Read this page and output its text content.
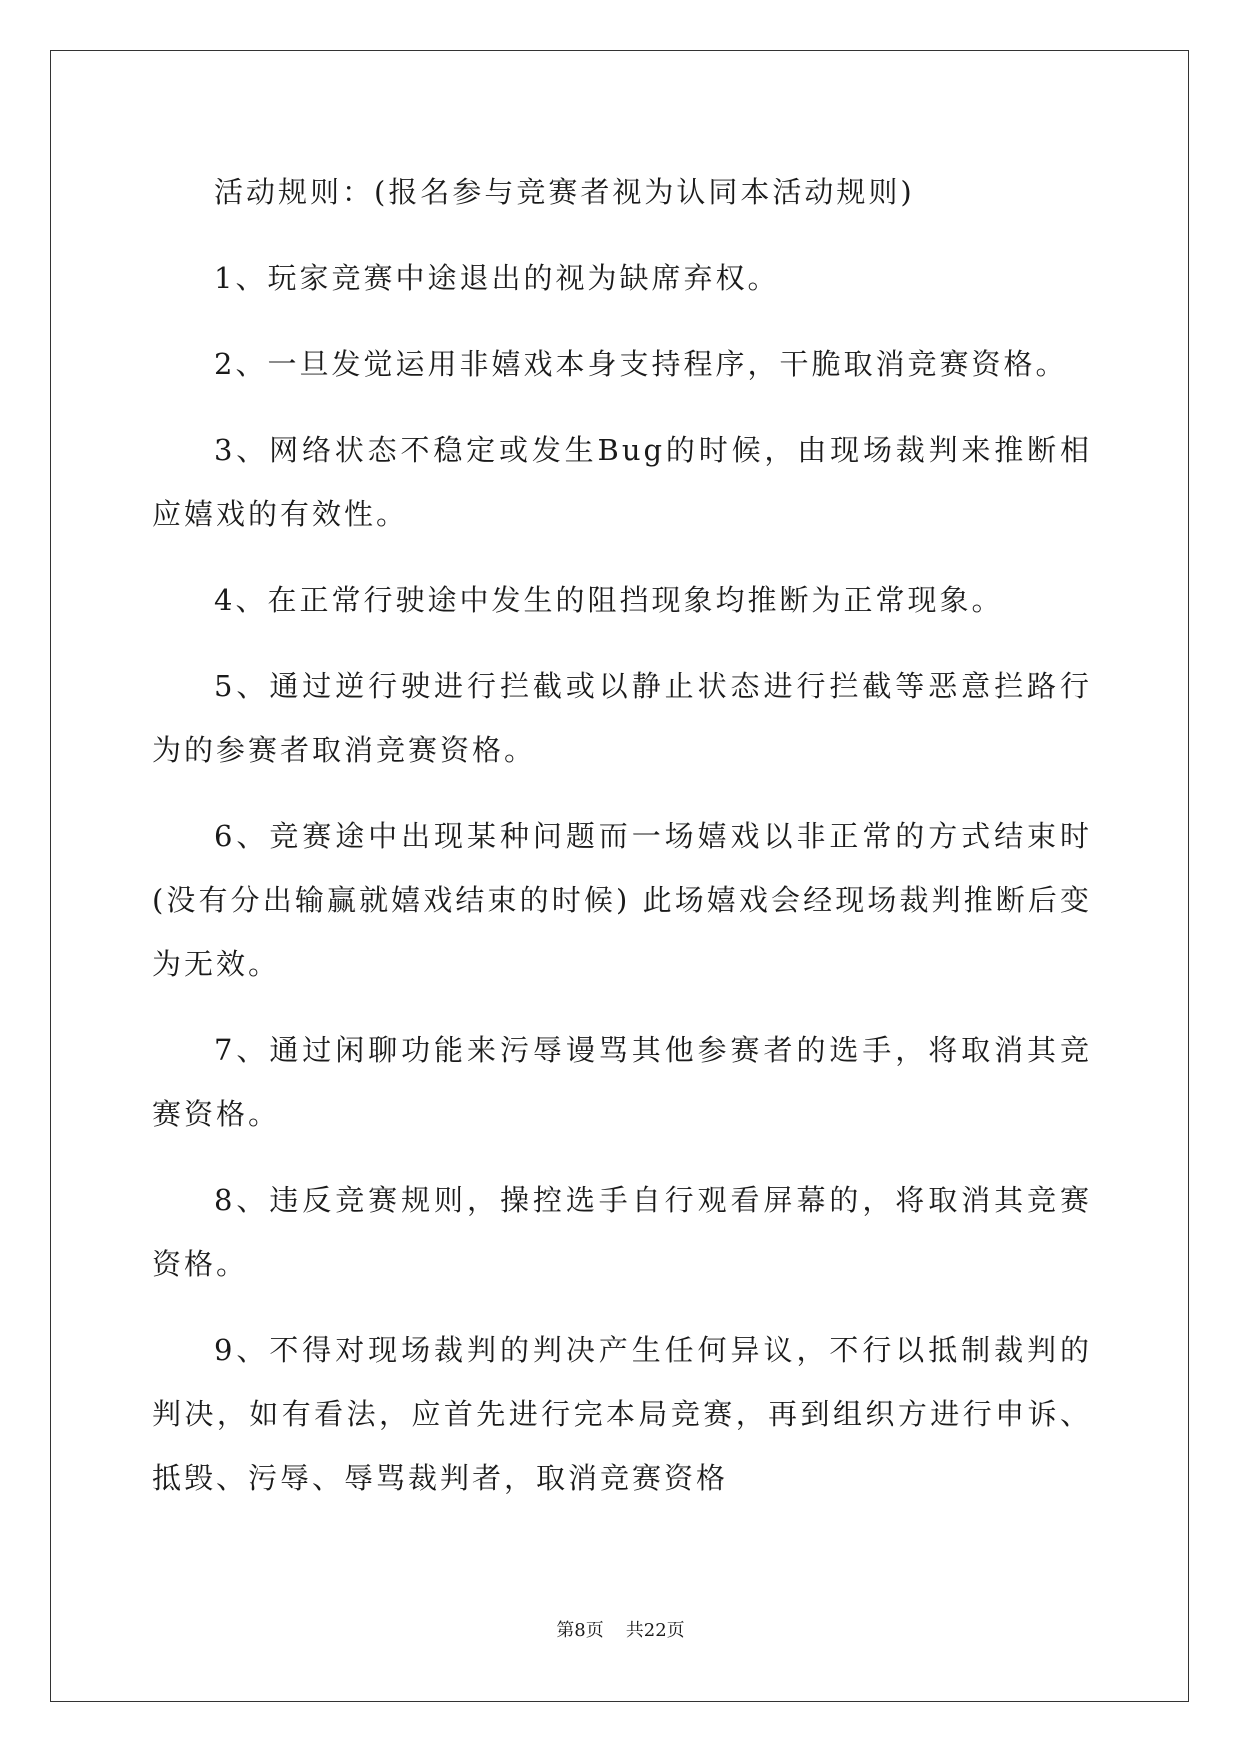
活动规则：(报名参与竞赛者视为认同本活动规则)

1、玩家竞赛中途退出的视为缺席弃权。

2、一旦发觉运用非嬉戏本身支持程序，干脆取消竞赛资格。

3、网络状态不稳定或发生Bug的时候，由现场裁判来推断相应嬉戏的有效性。

4、在正常行驶途中发生的阻挡现象均推断为正常现象。

5、通过逆行驶进行拦截或以静止状态进行拦截等恶意拦路行为的参赛者取消竞赛资格。

6、竞赛途中出现某种问题而一场嬉戏以非正常的方式结束时(没有分出输赢就嬉戏结束的时候) 此场嬉戏会经现场裁判推断后变为无效。

7、通过闲聊功能来污辱谩骂其他参赛者的选手，将取消其竞赛资格。

8、违反竞赛规则，操控选手自行观看屏幕的，将取消其竞赛资格。

9、不得对现场裁判的判决产生任何异议，不行以抵制裁判的判决，如有看法，应首先进行完本局竞赛，再到组织方进行申诉、抵毁、污辱、辱骂裁判者，取消竞赛资格

第8页 共22页
